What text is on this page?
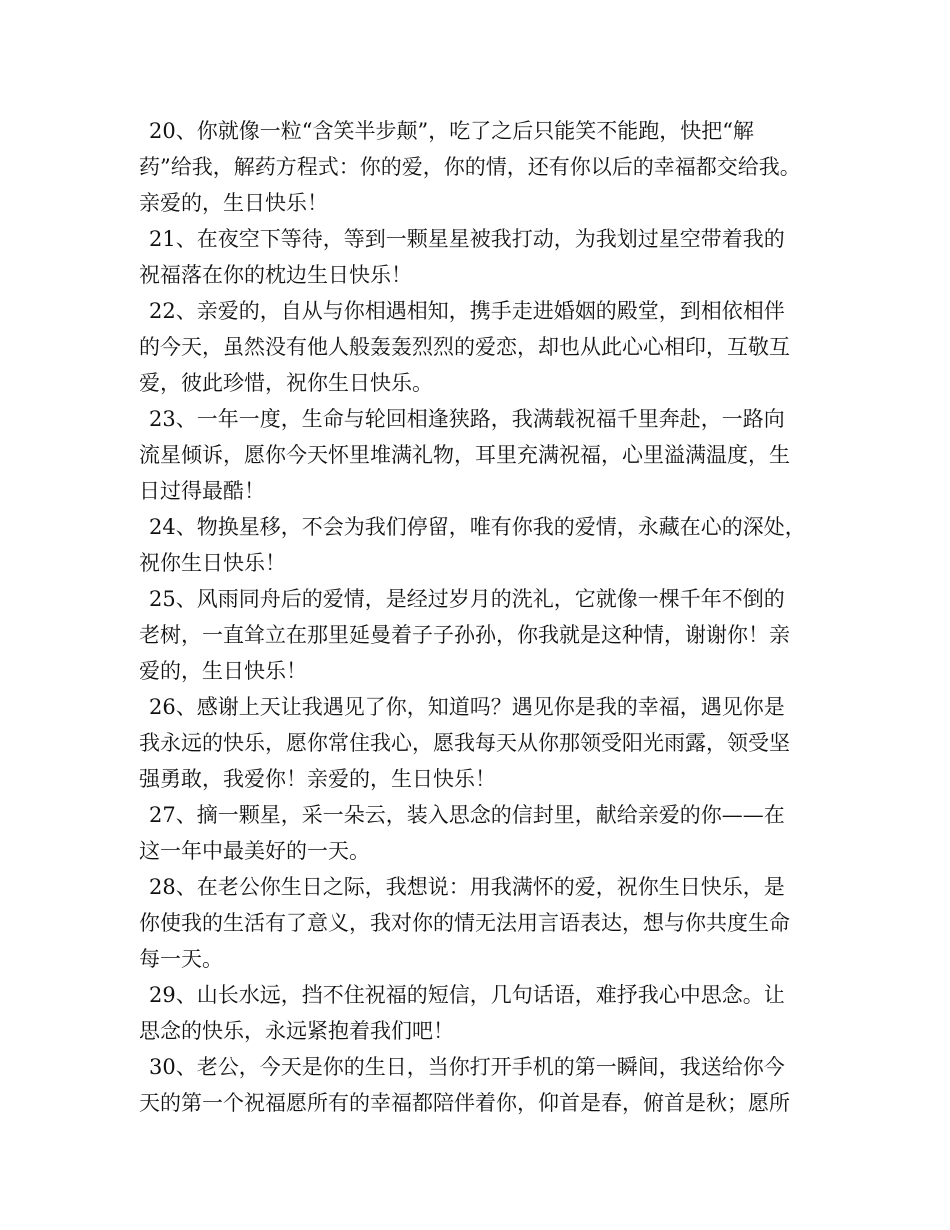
20、你就像一粒“含笑半步颠”，吃了之后只能笑不能跑，快把“解
药”给我，解药方程式：你的爱，你的情，还有你以后的幸福都交给我。
亲爱的，生日快乐！
21、在夜空下等待，等到一颗星星被我打动，为我划过星空带着我的
祝福落在你的枕边生日快乐！
22、亲爱的，自从与你相遇相知，携手走进婚姻的殿堂，到相依相伴
的今天，虽然没有他人般轰轰烈烈的爱恋，却也从此心心相印，互敬互
爱，彼此珍惜，祝你生日快乐。
23、一年一度，生命与轮回相逢狭路，我满载祝福千里奔赴，一路向
流星倾诉，愿你今天怀里堆满礼物，耳里充满祝福，心里溢满温度，生
日过得最酷！
24、物换星移，不会为我们停留，唯有你我的爱情，永藏在心的深处，
祝你生日快乐！
25、风雨同舟后的爱情，是经过岁月的洗礼，它就像一棵千年不倒的
老树，一直耸立在那里延曼着子子孙孙，你我就是这种情，谢谢你！亲
爱的，生日快乐！
26、感谢上天让我遇见了你，知道吗？遇见你是我的幸福，遇见你是
我永远的快乐，愿你常住我心，愿我每天从你那领受阳光雨露，领受坚
强勇敢，我爱你！亲爱的，生日快乐！
27、摘一颗星，采一朵云，装入思念的信封里，献给亲爱的你——在
这一年中最美好的一天。
28、在老公你生日之际，我想说：用我满怀的爱，祝你生日快乐，是
你使我的生活有了意义，我对你的情无法用言语表达，想与你共度生命
每一天。
29、山长水远，挡不住祝福的短信，几句话语，难抒我心中思念。让
思念的快乐，永远紧抱着我们吧！
30、老公，今天是你的生日，当你打开手机的第一瞬间，我送给你今
天的第一个祝福愿所有的幸福都陪伴着你，仰首是春，俯首是秋；愿所
